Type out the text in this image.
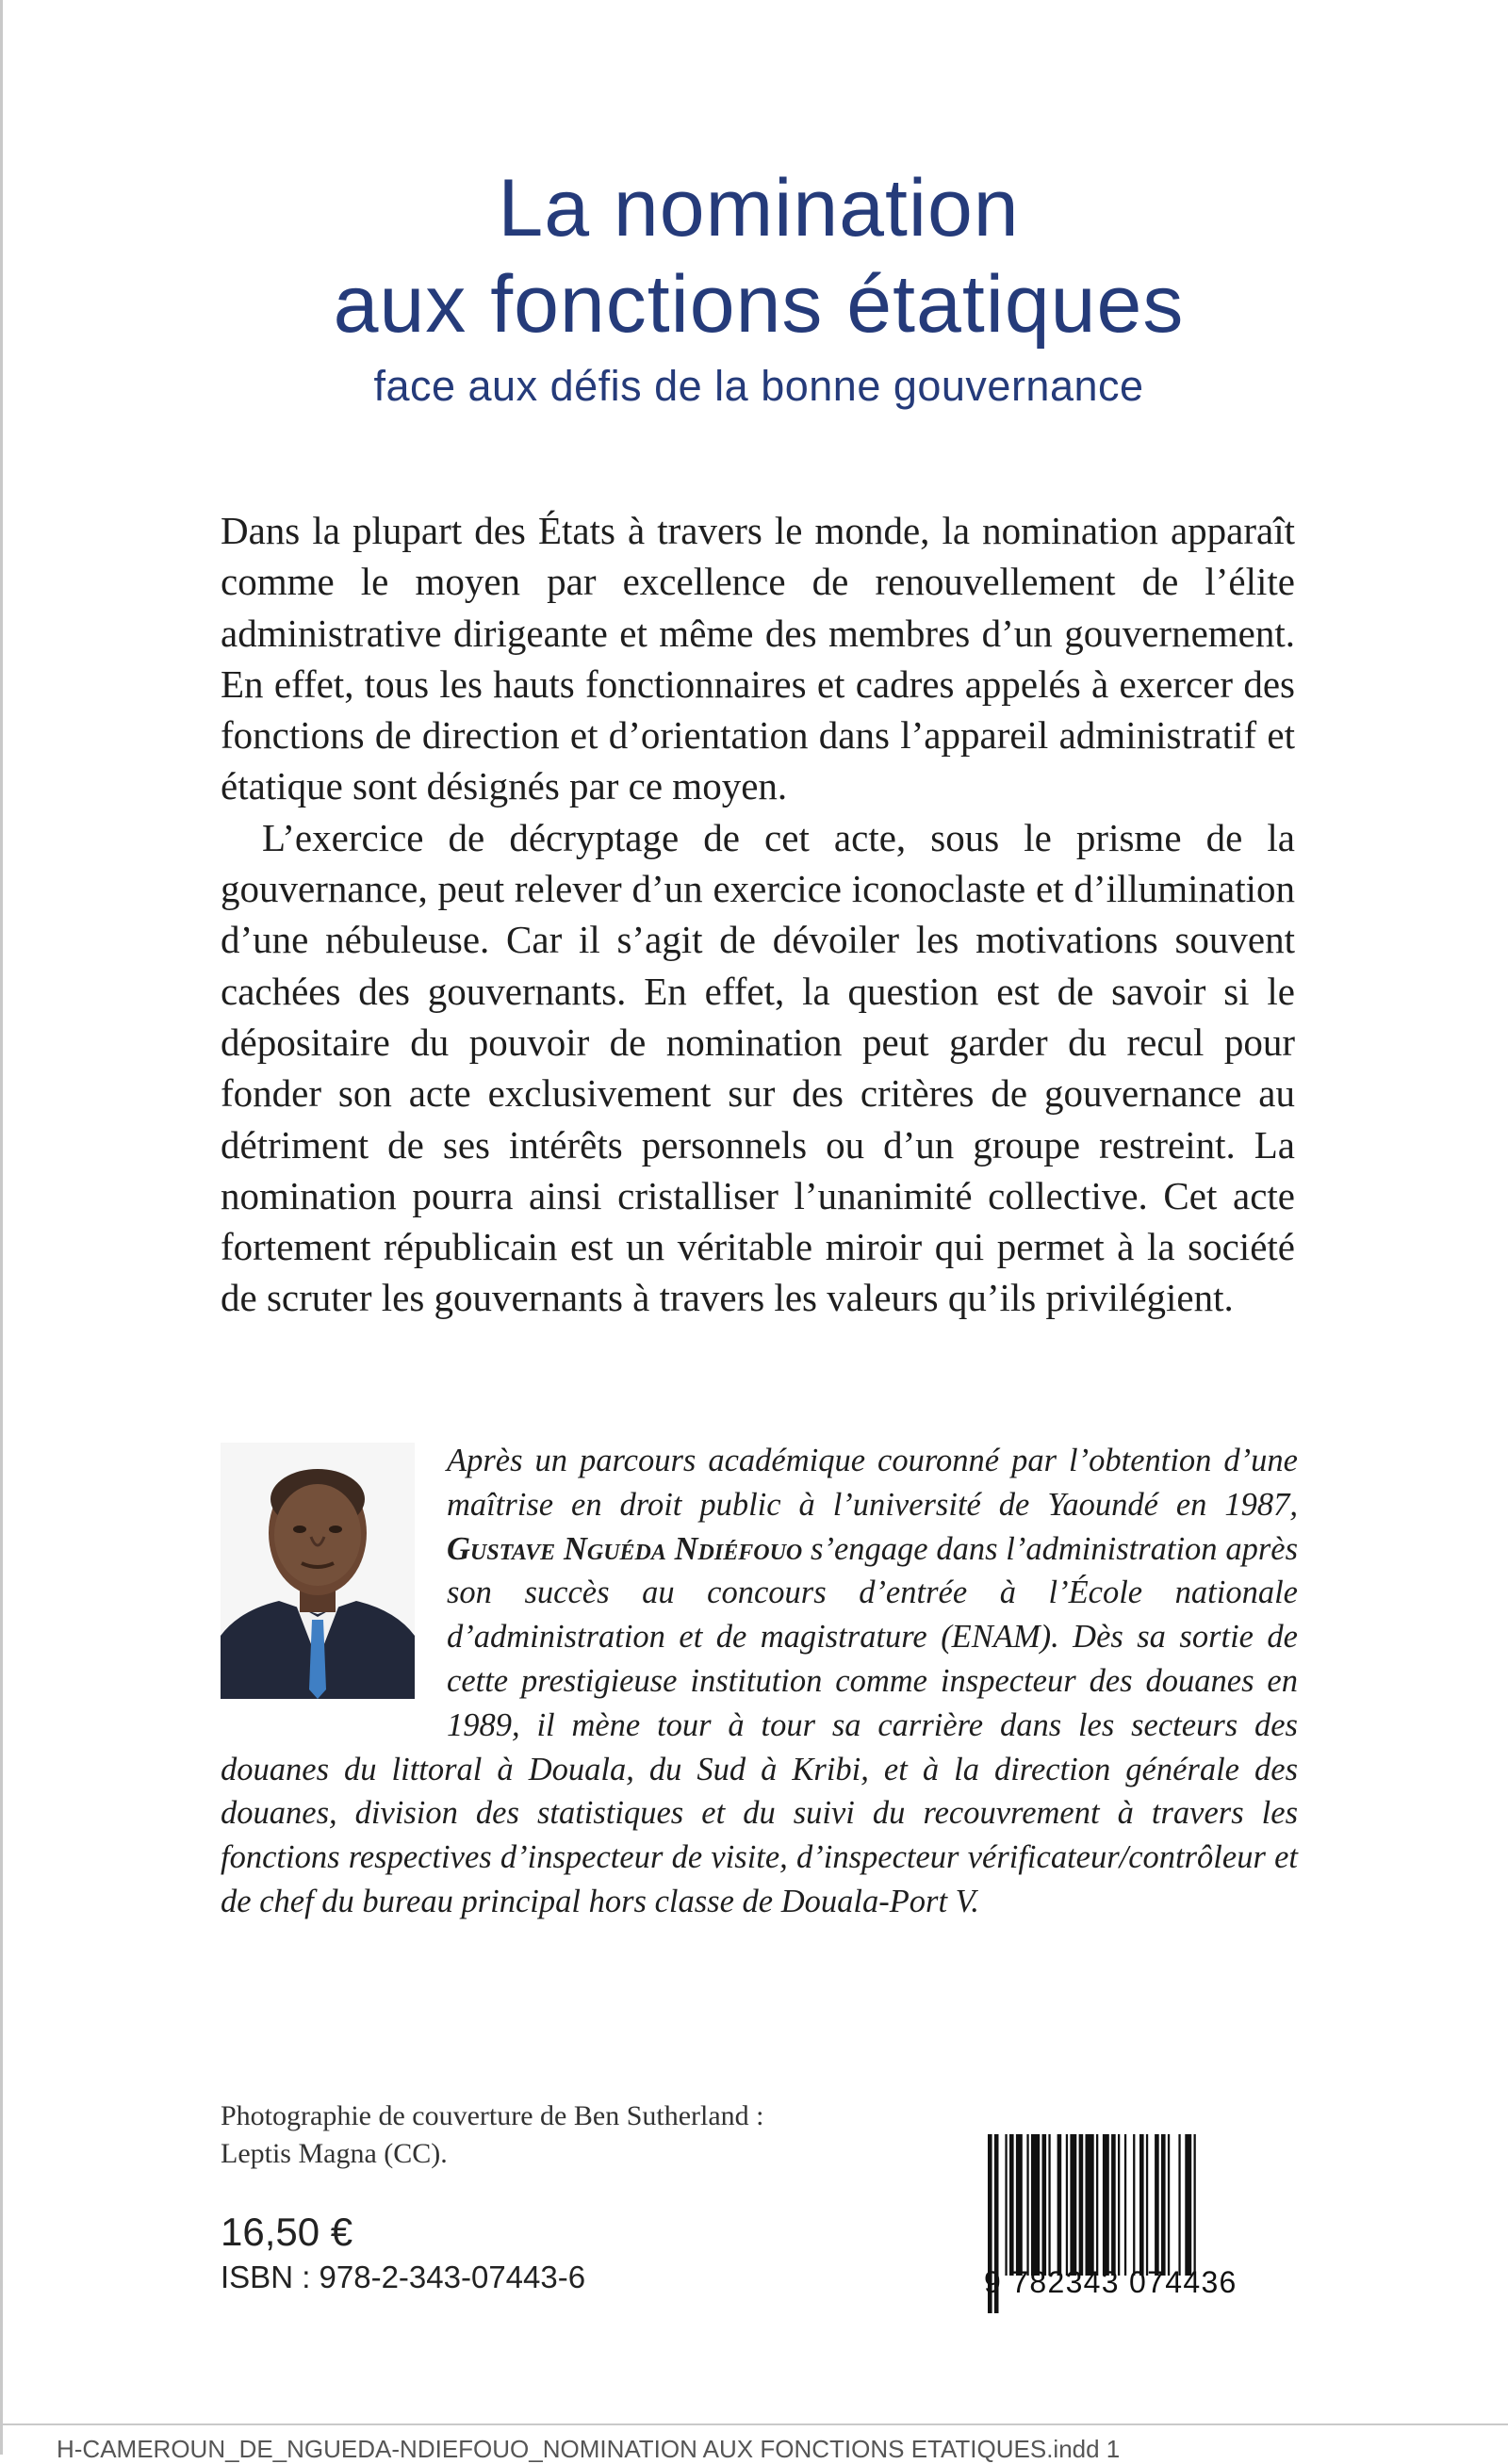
La nomination
aux fonctions étatiques
face aux défis de la bonne gouvernance

Dans la plupart des États à travers le monde, la nomination apparaît comme le moyen par excellence de renouvellement de l’élite administrative dirigeante et même des membres d’un gouvernement. En effet, tous les hauts fonctionnaires et cadres appelés à exercer des fonctions de direction et d’orientation dans l’appareil administratif et étatique sont désignés par ce moyen.

L’exercice de décryptage de cet acte, sous le prisme de la gouvernance, peut relever d’un exercice iconoclaste et d’illumination d’une nébuleuse. Car il s’agit de dévoiler les motivations souvent cachées des gouvernants. En effet, la question est de savoir si le dépositaire du pouvoir de nomination peut garder du recul pour fonder son acte exclusivement sur des critères de gouvernance au détriment de ses intérêts personnels ou d’un groupe restreint. La nomination pourra ainsi cristalliser l’unanimité collective. Cet acte fortement républicain est un véritable miroir qui permet à la société de scruter les gouvernants à travers les valeurs qu’ils privilégient.

Après un parcours académique couronné par l’obtention d’une maîtrise en droit public à l’université de Yaoundé en 1987, Gustave Nguéda Ndiéfouo s’engage dans l’administration après son succès au concours d’entrée à l’École nationale d’administration et de magistrature (ENAM). Dès sa sortie de cette prestigieuse institution comme inspecteur des douanes en 1989, il mène tour à tour sa carrière dans les secteurs des douanes du littoral à Douala, du Sud à Kribi, et à la direction générale des douanes, division des statistiques et du suivi du recouvrement à travers les fonctions respectives d’inspecteur de visite, d’inspecteur vérificateur/contrôleur et de chef du bureau principal hors classe de Douala-Port V.
Photographie de couverture de Ben Sutherland :
Leptis Magna (CC).
16,50 €
ISBN : 978-2-343-07443-6	9 782343 074436
H-CAMEROUN_DE_NGUEDA-NDIEFOUO_NOMINATION AUX FONCTIONS ETATIQUES.indd 1
